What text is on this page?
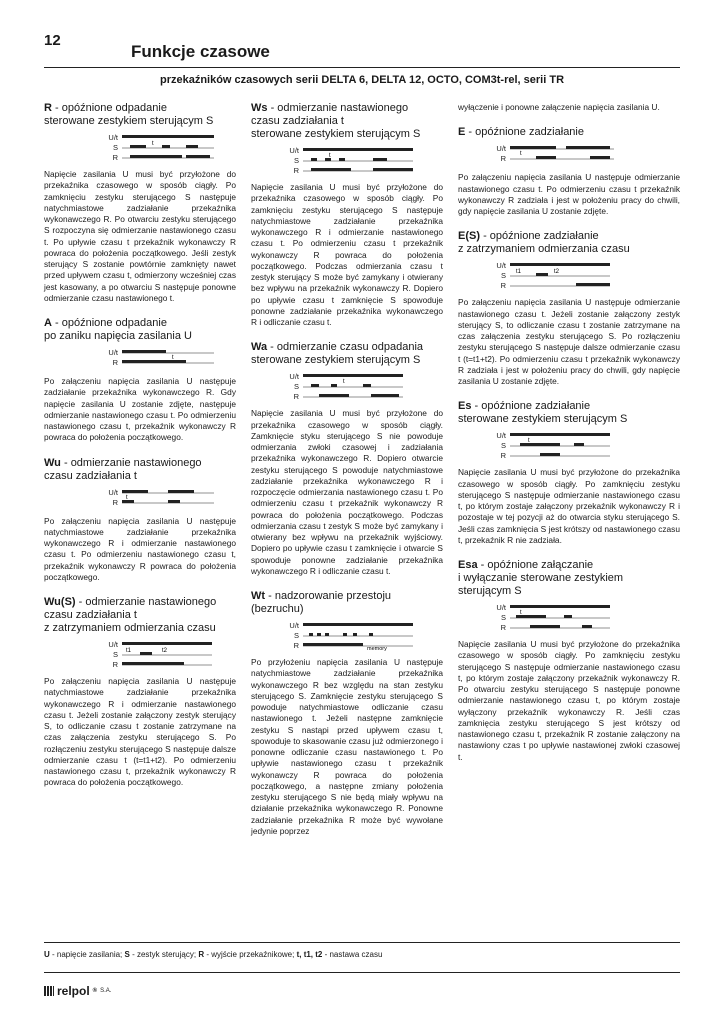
12
Funkcje czasowe
przekaźników czasowych serii DELTA 6, DELTA 12, OCTO, COM3t-rel, serii TR
R - opóźnione odpadanie
sterowane zestykiem sterującym S
U/t
S
R
t

Napięcie zasilania U musi być przyłożone do przekaźnika czasowego w sposób ciągły. Po zamknięciu zestyku sterującego S następuje natychmiastowe zadziałanie przekaźnika wykonawczego R. Po otwarciu zestyku sterującego S rozpoczyna się odmierzanie nastawionego czasu t. Po upływie czasu t przekaźnik wykonawczy R powraca do położenia początkowego. Jeśli zestyk sterujący S zostanie powtórnie zamknięty nawet przed upływem czasu t, odmierzony wcześniej czas jest kasowany, a po otwarciu S następuje ponowne odmierzanie czasu nastawionego t.

A - opóźnione odpadanie
po zaniku napięcia zasilania U
U/t
R	t

Po załączeniu napięcia zasilania U następuje zadziałanie przekaźnika wykonawczego R. Gdy napięcie zasilania U zostanie zdjęte, następuje odmierzanie nastawionego czasu t. Po odmierzeniu nastawionego czasu t, przekaźnik wykonawczy R powraca do położenia początkowego.

Wu - odmierzanie nastawionego
czasu zadziałania t
U/t
R t

Po załączeniu napięcia zasilania U następuje natychmiastowe zadziałanie przekaźnika wykonawczego R i odmierzanie nastawionego czasu t. Po odmierzeniu nastawionego czasu t, przekaźnik wykonawczy R powraca do położenia początkowego.

Wu(S) - odmierzanie nastawionego
czasu zadziałania t
z zatrzymaniem odmierzania czasu
U/t
S
R
t1	t2

Po załączeniu napięcia zasilania U następuje natychmiastowe zadziałanie przekaźnika wykonawczego R i odmierzanie nastawionego czasu t. Jeżeli zostanie załączony zestyk sterujący S, to odliczanie czasu t zostanie zatrzymane na czas załączenia zestyku sterującego S. Po rozłączeniu zestyku sterującego S następuje dalsze odmierzanie czasu t (t=t1+t2). Po odmierzeniu nastawionego czasu t, przekaźnik wykonawczy R powraca do położenia początkowego.

Ws - odmierzanie nastawionego
czasu zadziałania t
sterowane zestykiem sterującym S
U/t
S
R
t

Napięcie zasilania U musi być przyłożone do przekaźnika czasowego w sposób ciągły. Po zamknięciu zestyku sterującego S następuje natychmiastowe zadziałanie przekaźnika wykonawczego R i odmierzanie nastawionego czasu t. Po odmierzeniu czasu t przekaźnik wykonawczy R powraca do położenia początkowego. Podczas odmierzania czasu t zestyk sterujący S może być zamykany i otwierany bez wpływu na przekaźnik wykonawczy R. Dopiero po upływie czasu t zamknięcie S spowoduje ponowne zadziałanie przekaźnika wykonawczego R i odliczanie czasu t.

Wa - odmierzanie czasu odpadania
sterowane zestykiem sterującym S
U/t
S
R
t

Napięcie zasilania U musi być przyłożone do przekaźnika czasowego w sposób ciągły. Zamknięcie styku sterującego S nie powoduje odmierzania zwłoki czasowej i zadziałania przekaźnika wykonawczego R. Dopiero otwarcie zestyku sterującego S powoduje natychmiastowe zadziałanie przekaźnika wykonawczego R i rozpoczęcie odmierzania nastawionego czasu t. Po odmierzeniu czasu t przekaźnik wykonawczy R powraca do położenia początkowego. Podczas odmierzania czasu t zestyk S może być zamykany i otwierany bez wpływu na przekaźnik wyjściowy. Dopiero po upływie czasu t zamknięcie i otwarcie S spowoduje ponowne zadziałanie przekaźnika wykonawczego R i odliczanie czasu t.

Wt - nadzorowanie przestoju
(bezruchu)
U/t
S
R	memory

Po przyłożeniu napięcia zasilania U następuje natychmiastowe zadziałanie przekaźnika wykonawczego R bez względu na stan zestyku sterującego S. Zamknięcie zestyku sterującego S powoduje natychmiastowe odliczanie czasu nastawionego t. Jeżeli następne zamknięcie zestyku S nastąpi przed upływem czasu t, spowoduje to skasowanie czasu już odmierzonego i ponowne odliczanie czasu nastawionego t. Po upływie nastawionego czasu t przekaźnik wykonawczy R powraca do położenia początkowego, a następne zmiany położenia zestyku sterującego S nie będą miały wpływu na działanie przekaźnika wykonawczego R. Ponowne zadziałanie przekaźnika R może być wywołane jedynie poprzez

wyłączenie i ponowne załączenie napięcia zasilania U.

E - opóźnione zadziałanie
U/t
R t

Po załączeniu napięcia zasilania U następuje odmierzanie nastawionego czasu t. Po odmierzeniu czasu t przekaźnik wykonawczy R zadziała i jest w położeniu pracy do chwili, gdy napięcie zasilania U zostanie zdjęte.

E(S) - opóźnione zadziałanie
z zatrzymaniem odmierzania czasu
U/t
S
R
t1	t2

Po załączeniu napięcia zasilania U następuje odmierzanie nastawionego czasu t. Jeżeli zostanie załączony zestyk sterujący S, to odliczanie czasu t zostanie zatrzymane na czas załączenia zestyku sterującego S. Po rozłączeniu zestyku sterującego S następuje dalsze odmierzanie czasu t (t=t1+t2). Po odmierzeniu czasu t przekaźnik wykonawczy R zadziała i jest w położeniu pracy do chwili, gdy napięcie zasilania U zostanie zdjęte.

Es - opóźnione zadziałanie
sterowane zestykiem sterującym S
U/t
S
R
t

Napięcie zasilania U musi być przyłożone do przekaźnika czasowego w sposób ciągły. Po zamknięciu zestyku sterującego S następuje odmierzanie nastawionego czasu t, po którym zostaje załączony przekaźnik wykonawczy R i pozostaje w tej pozycji aż do otwarcia styku sterującego S. Jeśli czas zamknięcia S jest krótszy od nastawionego czasu t, przekaźnik R nie zadziała.

Esa - opóźnione załączanie
i wyłączanie sterowane zestykiem
sterującym S
U/t
S
R
t

Napięcie zasilania U musi być przyłożone do przekaźnika czasowego w sposób ciągły. Po zamknięciu zestyku sterującego S następuje odmierzanie nastawionego czasu t, po którym zostaje załączony przekaźnik wykonawczy R. Po otwarciu zestyku sterującego S następuje ponowne odmierzanie nastawionego czasu t, po którym zostaje wyłączony przekaźnik wykonawczy R. Jeśli czas zamknięcia zestyku sterującego S jest krótszy od nastawionego czasu t, przekaźnik R zostanie załączony na nastawiony czas t po upływie nastawionej zwłoki czasowej t.

U - napięcie zasilania; S - zestyk sterujący; R - wyjście przekaźnikowe; t, t1, t2 - nastawa czasu
relpol ® S.A.
